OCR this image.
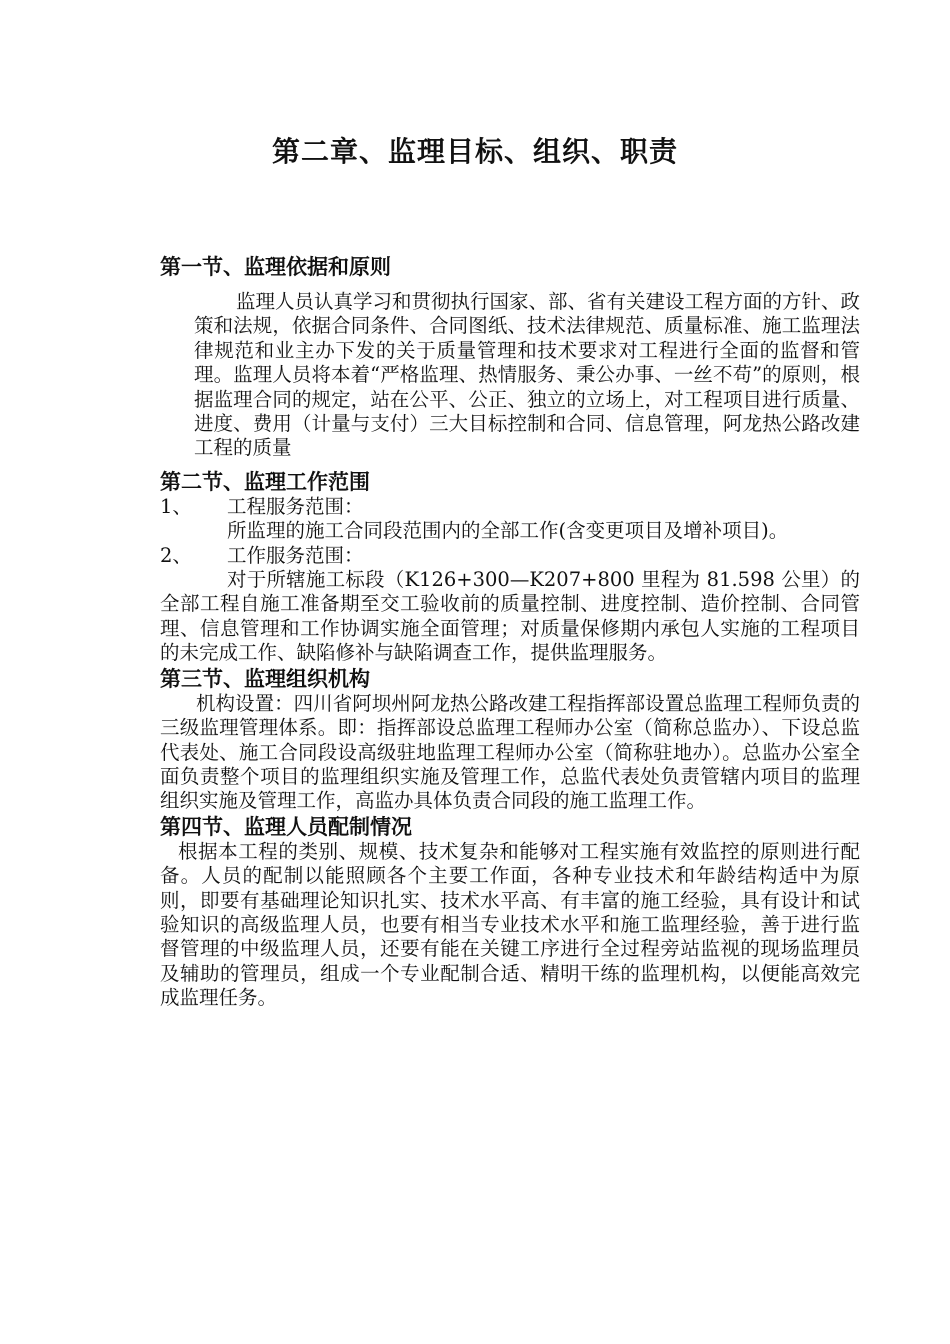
第二章、监理目标、组织、职责
第一节、监理依据和原则

监理人员认真学习和贯彻执行国家、部、省有关建设工程方面的方针、政策和法规，依据合同条件、合同图纸、技术法律规范、质量标准、施工监理法律规范和业主办下发的关于质量管理和技术要求对工程进行全面的监督和管理。监理人员将本着“严格监理、热情服务、秉公办事、一丝不苟”的原则，根据监理合同的规定，站在公平、公正、独立的立场上，对工程项目进行质量、进度、费用（计量与支付）三大目标控制和合同、信息管理，阿龙热公路改建工程的质量

第二节、监理工作范围
1、	工程服务范围：

所监理的施工合同段范围内的全部工作(含变更项目及增补项目)。

2、	工作服务范围：

对于所辖施工标段（K126+300—K207+800 里程为 81.598 公里）的全部工程自施工准备期至交工验收前的质量控制、进度控制、造价控制、合同管理、信息管理和工作协调实施全面管理；对质量保修期内承包人实施的工程项目的未完成工作、缺陷修补与缺陷调查工作，提供监理服务。

第三节、监理组织机构

机构设置：四川省阿坝州阿龙热公路改建工程指挥部设置总监理工程师负责的三级监理管理体系。即：指挥部设总监理工程师办公室（简称总监办）、下设总监代表处、施工合同段设高级驻地监理工程师办公室（简称驻地办）。总监办公室全面负责整个项目的监理组织实施及管理工作，总监代表处负责管辖内项目的监理组织实施及管理工作，高监办具体负责合同段的施工监理工作。

第四节、监理人员配制情况

根据本工程的类别、规模、技术复杂和能够对工程实施有效监控的原则进行配备。人员的配制以能照顾各个主要工作面，各种专业技术和年龄结构适中为原则，即要有基础理论知识扎实、技术水平高、有丰富的施工经验，具有设计和试验知识的高级监理人员，也要有相当专业技术水平和施工监理经验，善于进行监督管理的中级监理人员，还要有能在关键工序进行全过程旁站监视的现场监理员及辅助的管理员，组成一个专业配制合适、精明干练的监理机构，以便能高效完成监理任务。
